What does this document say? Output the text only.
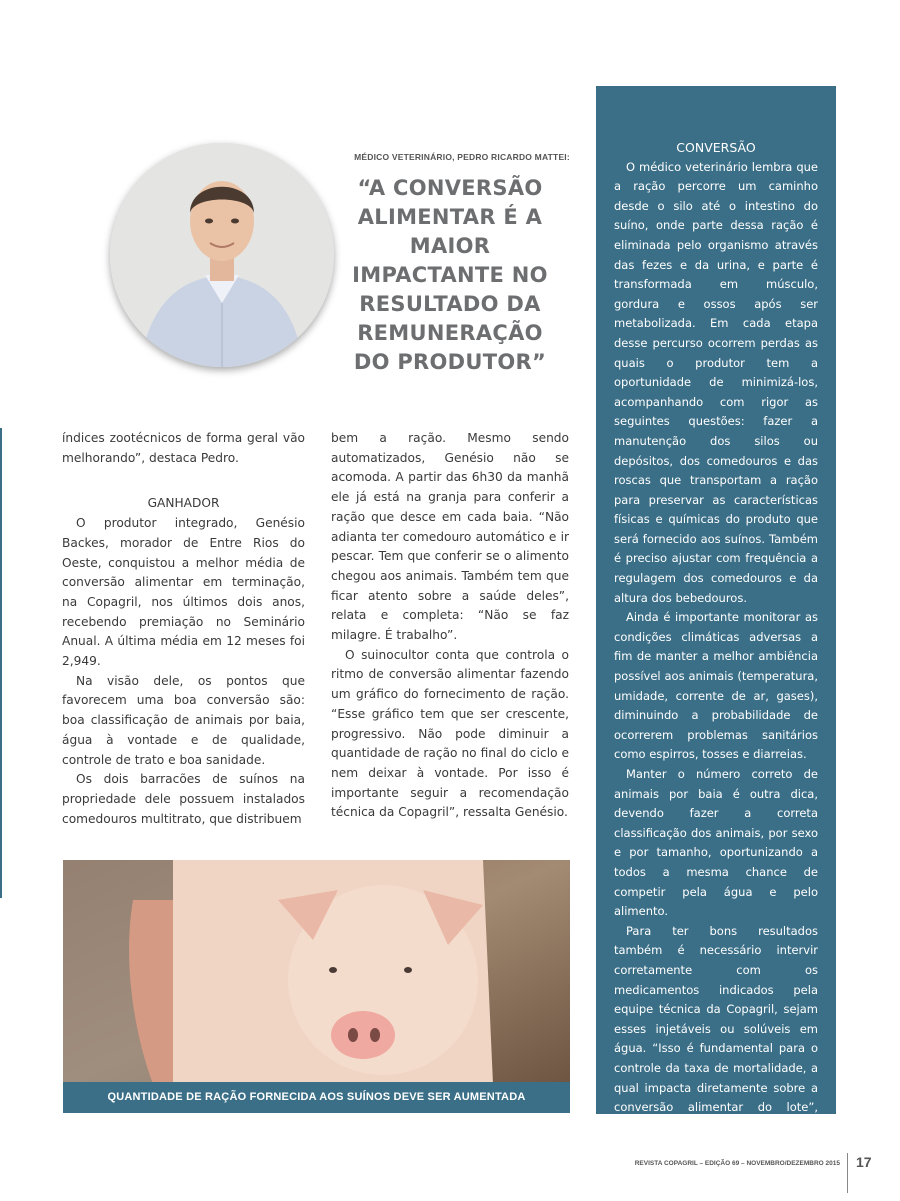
MÉDICO VETERINÁRIO, PEDRO RICARDO MATTEI:
“A CONVERSÃO ALIMENTAR É A MAIOR IMPACTANTE NO RESULTADO DA REMUNERAÇÃO DO PRODUTOR”

índices zootécnicos de forma geral vão melhorando”, destaca Pedro.

GANHADOR

O produtor integrado, Genésio Backes, morador de Entre Rios do Oeste, conquistou a melhor média de conversão alimentar em terminação, na Copagril, nos últimos dois anos, recebendo premiação no Seminário Anual. A última média em 12 meses foi 2,949.

Na visão dele, os pontos que favorecem uma boa conversão são: boa classificação de animais por baia, água à vontade e de qualidade, controle de trato e boa sanidade.

Os dois barracões de suínos na propriedade dele possuem instalados comedouros multitrato, que distribuem

bem a ração. Mesmo sendo automatizados, Genésio não se acomoda. A partir das 6h30 da manhã ele já está na granja para conferir a ração que desce em cada baia. “Não adianta ter comedouro automático e ir pescar. Tem que conferir se o alimento chegou aos animais. Também tem que ficar atento sobre a saúde deles”, relata e completa: “Não se faz milagre. É trabalho”.

O suinocultor conta que controla o ritmo de conversão alimentar fazendo um gráfico do fornecimento de ração. “Esse gráfico tem que ser crescente, progressivo. Não pode diminuir a quantidade de ração no final do ciclo e nem deixar à vontade. Por isso é importante seguir a recomendação técnica da Copagril”, ressalta Genésio.

QUANTIDADE DE RAÇÃO FORNECIDA AOS SUÍNOS DEVE SER AUMENTADA GRADATIVAMENTE
CONVERSÃO

O médico veterinário lembra que a ração percorre um caminho desde o silo até o intestino do suíno, onde parte dessa ração é eliminada pelo organismo através das fezes e da urina, e parte é transformada em músculo, gordura e ossos após ser metabolizada. Em cada etapa desse percurso ocorrem perdas as quais o produtor tem a oportunidade de minimizá-los, acompanhando com rigor as seguintes questões: fazer a manutenção dos silos ou depósitos, dos comedouros e das roscas que transportam a ração para preservar as características físicas e químicas do produto que será fornecido aos suínos. Também é preciso ajustar com frequência a regulagem dos comedouros e da altura dos bebedouros.

Ainda é importante monitorar as condições climáticas adversas a fim de manter a melhor ambiência possível aos animais (temperatura, umidade, corrente de ar, gases), diminuindo a probabilidade de ocorrerem problemas sanitários como espirros, tosses e diarreias.

Manter o número correto de animais por baia é outra dica, devendo fazer a correta classificação dos animais, por sexo e por tamanho, oportunizando a todos a mesma chance de competir pela água e pelo alimento.

Para ter bons resultados também é necessário intervir corretamente com os medicamentos indicados pela equipe técnica da Copagril, sejam esses injetáveis ou solúveis em água. “Isso é fundamental para o controle da taxa de mortalidade, a qual impacta diretamente sobre a conversão alimentar do lote”, conclui o veterinário.

REVISTA COPAGRIL – EDIÇÃO 69 – NOVEMBRO/DEZEMBRO 2015 17
